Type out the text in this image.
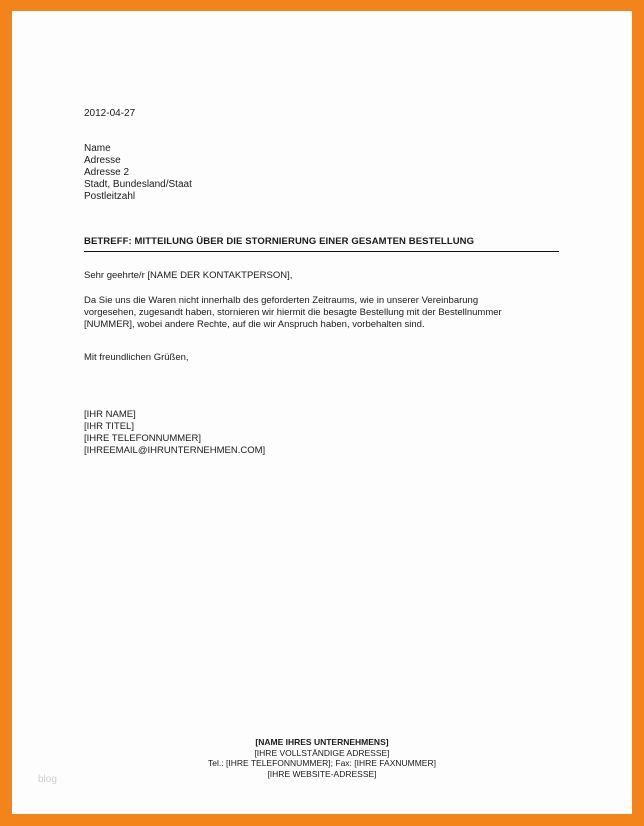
2012-04-27
Name
Adresse
Adresse 2
Stadt, Bundesland/Staat
Postleitzahl
BETREFF: MITTEILUNG ÜBER DIE STORNIERUNG EINER GESAMTEN BESTELLUNG
Sehr geehrte/r [NAME DER KONTAKTPERSON],
Da Sie uns die Waren nicht innerhalb des geforderten Zeitraums, wie in unserer Vereinbarung
vorgesehen, zugesandt haben, stornieren wir hiermit die besagte Bestellung mit der Bestellnummer
[NUMMER], wobei andere Rechte, auf die wir Anspruch haben, vorbehalten sind.
Mit freundlichen Grüßen,
[IHR NAME]
[IHR TITEL]
[IHRE TELEFONNUMMER]
[IHREEMAIL@IHRUNTERNEHMEN.COM]
[NAME IHRES UNTERNEHMENS]
[IHRE VOLLSTÄNDIGE ADRESSE]
Tel.: [IHRE TELEFONNUMMER]; Fax: [IHRE FAXNUMMER]
[IHRE WEBSITE-ADRESSE]
blog
